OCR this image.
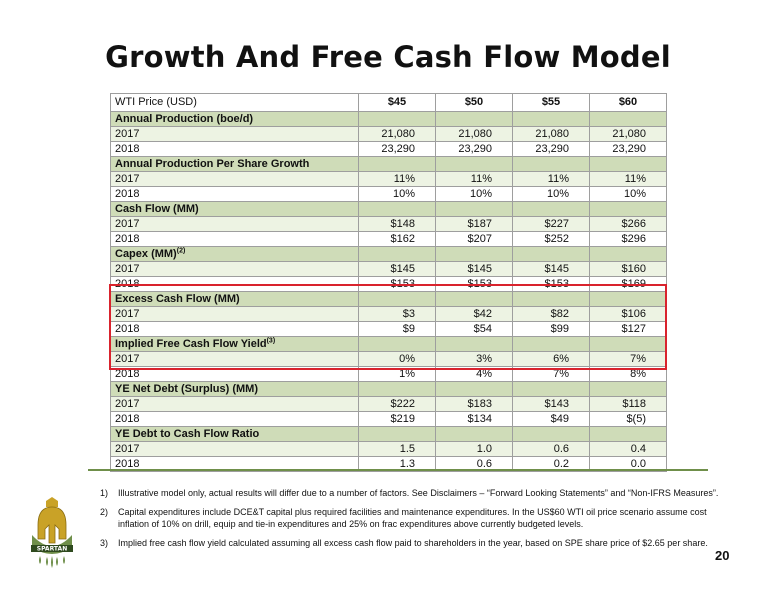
Growth And Free Cash Flow Model
WTI Price (USD)	$45	$50	$55	$60
Annual Production (boe/d)				
2017	21,080	21,080	21,080	21,080
2018	23,290	23,290	23,290	23,290
Annual Production Per Share Growth				
2017	11%	11%	11%	11%
2018	10%	10%	10%	10%
Cash Flow (MM)				
2017	$148	$187	$227	$266
2018	$162	$207	$252	$296
Capex (MM)$^{(2)}$				
2017	$145	$145	$145	$160
2018	$153	$153	$153	$169
Excess Cash Flow (MM)				
2017	$3	$42	$82	$106
2018	$9	$54	$99	$127
Implied Free Cash Flow Yield$^{(3)}$				
2017	0%	3%	6%	7%
2018	1%	4%	7%	8%
YE Net Debt (Surplus) (MM)				
2017	$222	$183	$143	$118
2018	$219	$134	$49	$(5)
YE Debt to Cash Flow Ratio				
2017	1.5	1.0	0.6	0.4
2018	1.3	0.6	0.2	0.0
1)	Illustrative model only, actual results will differ due to a number of factors. See Disclaimers – “Forward Looking Statements” and “Non-IFRS Measures”.
2)	Capital expenditures include DCE&T capital plus required facilities and maintenance expenditures. In the US$60 WTI oil price scenario assume cost inflation of 10% on drill, equip and tie-in expenditures and 25% on frac expenditures above currently budgeted levels.
3)	Implied free cash flow yield calculated assuming all excess cash flow paid to shareholders in the year, based on SPE share price of $2.65 per share.
SPARTAN	20
